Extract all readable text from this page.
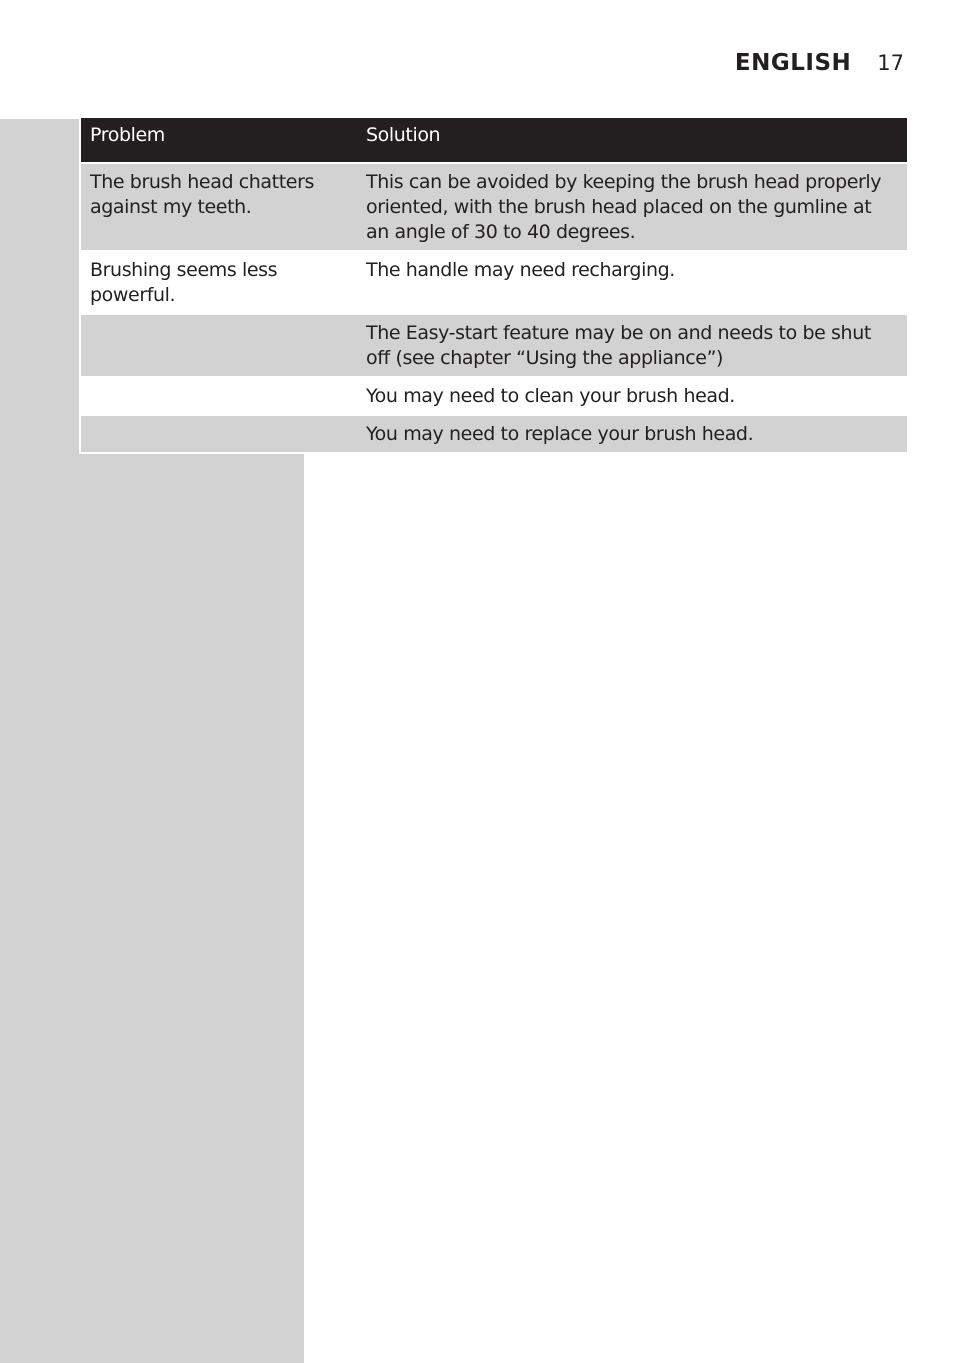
ENGLISH 17
Problem	Solution
The brush head chatters against my teeth.
This can be avoided by keeping the brush head properly oriented, with the brush head placed on the gumline at an angle of 30 to 40 degrees.
Brushing seems less powerful.
The handle may need recharging.
The Easy-start feature may be on and needs to be shut off (see chapter “Using the appliance”)
You may need to clean your brush head.
You may need to replace your brush head.
